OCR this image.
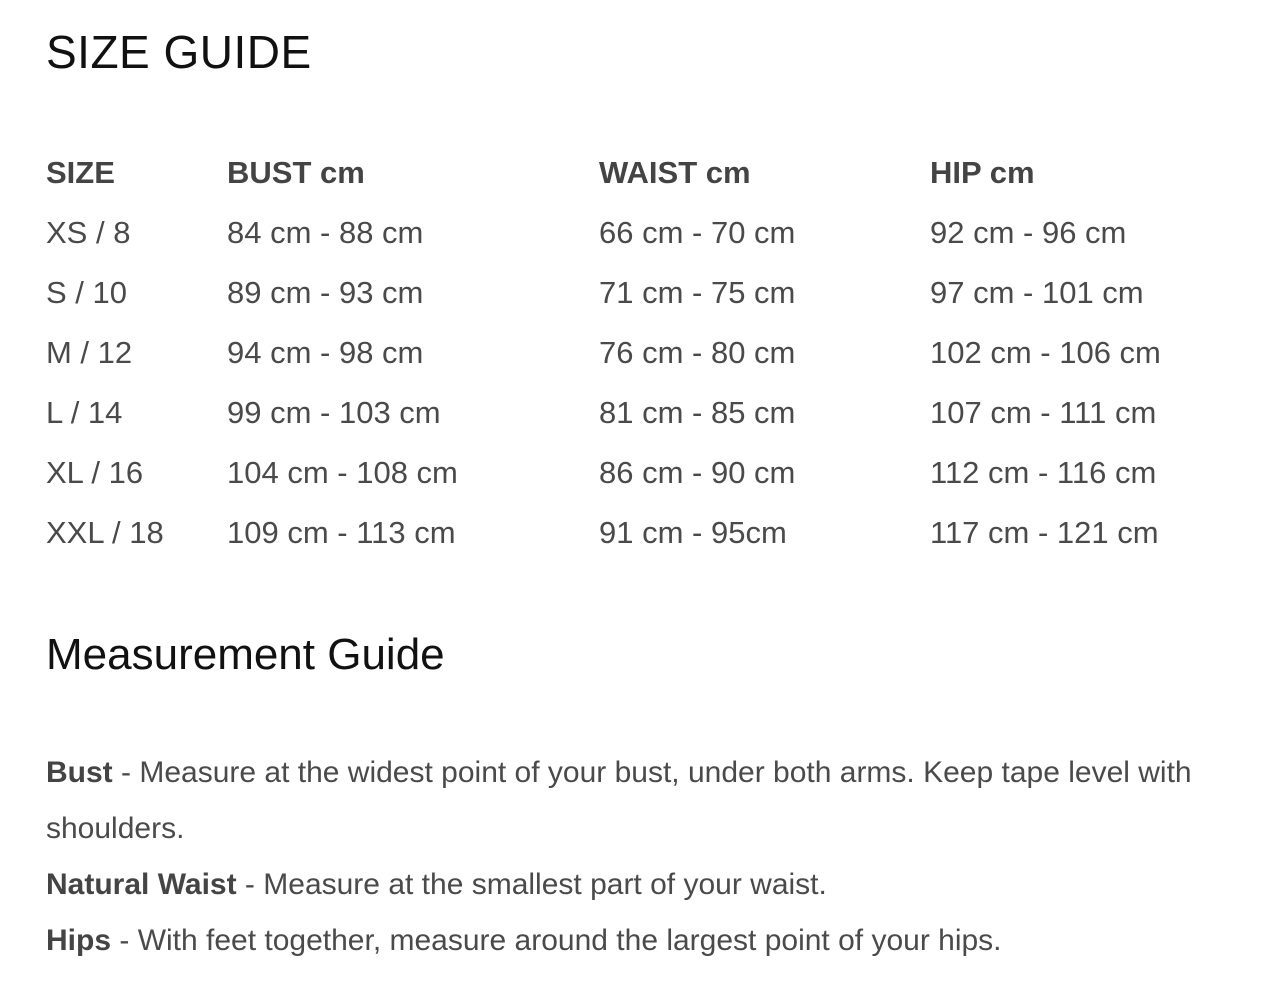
SIZE GUIDE
SIZE	BUST cm	WAIST cm	HIP cm
XS / 8	84 cm - 88 cm	66 cm - 70 cm	92 cm - 96 cm
S / 10	89 cm - 93 cm	71 cm - 75 cm	97 cm - 101 cm
M / 12	94 cm - 98 cm	76 cm - 80 cm	102 cm - 106 cm
L / 14	99 cm - 103 cm	81 cm - 85 cm	107 cm - 111 cm
XL / 16	104 cm - 108 cm	86 cm - 90 cm	112 cm - 116 cm
XXL / 18	109 cm - 113 cm	91 cm - 95cm	117 cm - 121 cm
Measurement Guide

Bust - Measure at the widest point of your bust, under both arms. Keep tape level with shoulders.

Natural Waist - Measure at the smallest part of your waist.

Hips - With feet together, measure around the largest point of your hips.
